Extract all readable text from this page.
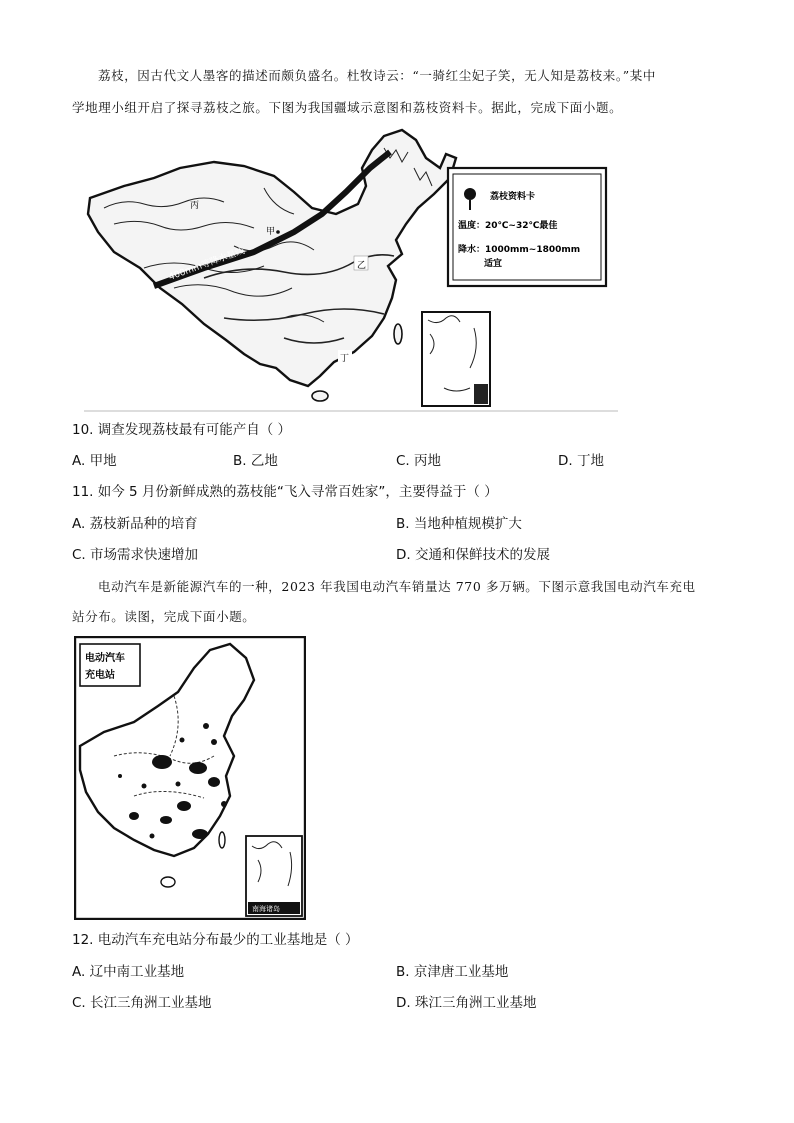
荔枝，因古代文人墨客的描述而颇负盛名。杜牧诗云：“一骑红尘妃子笑，无人知是荔枝来。”某中
学地理小组开启了探寻荔枝之旅。下图为我国疆域示意图和荔枝资料卡。据此，完成下面小题。
400mm等降水量线
丙
甲
乙
丁
荔枝资料卡
温度：20℃~32℃最佳
降水：1000mm~1800mm
适宜
10. 调查发现荔枝最有可能产自（ ）
A. 甲地	B. 乙地	C. 丙地	D. 丁地
11. 如今 5 月份新鲜成熟的荔枝能“飞入寻常百姓家”，主要得益于（ ）
A. 荔枝新品种的培育	B. 当地种植规模扩大
C. 市场需求快速增加	D. 交通和保鲜技术的发展
电动汽车是新能源汽车的一种，2023 年我国电动汽车销量达 770 多万辆。下图示意我国电动汽车充电
站分布。读图，完成下面小题。
电动汽车
充电站
南海诸岛
12. 电动汽车充电站分布最少的工业基地是（ ）
A. 辽中南工业基地	B. 京津唐工业基地
C. 长江三角洲工业基地	D. 珠江三角洲工业基地
